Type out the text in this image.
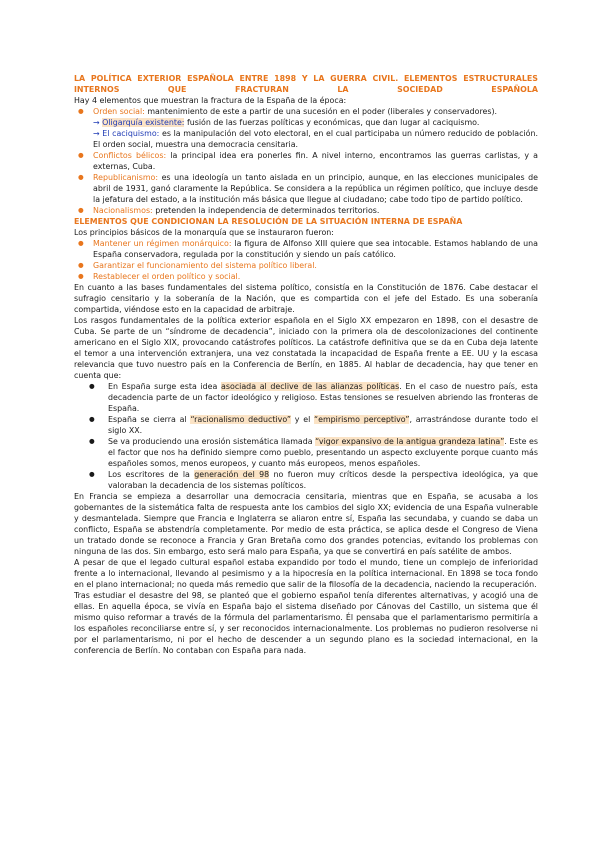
LA POLÍTICA EXTERIOR ESPAÑOLA ENTRE 1898 Y LA GUERRA CIVIL. ELEMENTOS ESTRUCTURALES INTERNOS QUE FRACTURAN LA SOCIEDAD ESPAÑOLA

Hay 4 elementos que muestran la fractura de la España de la época:

● Orden social: mantenimiento de este a partir de una sucesión en el poder (liberales y conservadores).
→ Oligarquía existente: fusión de las fuerzas políticas y económicas, que dan lugar al caciquismo.
→ El caciquismo: es la manipulación del voto electoral, en el cual participaba un número reducido de población. El orden social, muestra una democracia censitaria.
● Conflictos bélicos: la principal idea era ponerles fin. A nivel interno, encontramos las guerras carlistas, y a externas, Cuba.
● Republicanismo: es una ideología un tanto aislada en un principio, aunque, en las elecciones municipales de abril de 1931, ganó claramente la República. Se considera a la república un régimen político, que incluye desde la jefatura del estado, a la institución más básica que llegue al ciudadano; cabe todo tipo de partido político.
● Nacionalismos: pretenden la independencia de determinados territorios.
ELEMENTOS QUE CONDICIONAN LA RESOLUCIÓN DE LA SITUACIÓN INTERNA DE ESPAÑA

Los principios básicos de la monarquía que se instauraron fueron:

● Mantener un régimen monárquico: la figura de Alfonso XIII quiere que sea intocable. Estamos hablando de una España conservadora, regulada por la constitución y siendo un país católico.
● Garantizar el funcionamiento del sistema político liberal.
● Restablecer el orden político y social.

En cuanto a las bases fundamentales del sistema político, consistía en la Constitución de 1876. Cabe destacar el sufragio censitario y la soberanía de la Nación, que es compartida con el jefe del Estado. Es una soberanía compartida, viéndose esto en la capacidad de arbitraje.

Los rasgos fundamentales de la política exterior española en el Siglo XX empezaron en 1898, con el desastre de Cuba. Se parte de un “síndrome de decadencia”, iniciado con la primera ola de descolonizaciones del continente americano en el Siglo XIX, provocando catástrofes políticos. La catástrofe definitiva que se da en Cuba deja latente el temor a una intervención extranjera, una vez constatada la incapacidad de España frente a EE. UU y la escasa relevancia que tuvo nuestro país en la Conferencia de Berlín, en 1885. Al hablar de decadencia, hay que tener en cuenta que:

● En España surge esta idea asociada al declive de las alianzas políticas. En el caso de nuestro país, esta decadencia parte de un factor ideológico y religioso. Estas tensiones se resuelven abriendo las fronteras de España.
● España se cierra al “racionalismo deductivo” y el “empirismo perceptivo”, arrastrándose durante todo el siglo XX.
● Se va produciendo una erosión sistemática llamada “vigor expansivo de la antigua grandeza latina”. Este es el factor que nos ha definido siempre como pueblo, presentando un aspecto excluyente porque cuanto más españoles somos, menos europeos, y cuanto más europeos, menos españoles.
● Los escritores de la generación del 98 no fueron muy críticos desde la perspectiva ideológica, ya que valoraban la decadencia de los sistemas políticos.

En Francia se empieza a desarrollar una democracia censitaria, mientras que en España, se acusaba a los gobernantes de la sistemática falta de respuesta ante los cambios del siglo XX; evidencia de una España vulnerable y desmantelada. Siempre que Francia e Inglaterra se aliaron entre sí, España las secundaba, y cuando se daba un conflicto, España se abstendría completamente. Por medio de esta práctica, se aplica desde el Congreso de Viena un tratado donde se reconoce a Francia y Gran Bretaña como dos grandes potencias, evitando los problemas con ninguna de las dos. Sin embargo, esto será malo para España, ya que se convertirá en país satélite de ambos.

A pesar de que el legado cultural español estaba expandido por todo el mundo, tiene un complejo de inferioridad frente a lo internacional, llevando al pesimismo y a la hipocresía en la política internacional. En 1898 se toca fondo en el plano internacional; no queda más remedio que salir de la filosofía de la decadencia, naciendo la recuperación.

Tras estudiar el desastre del 98, se planteó que el gobierno español tenía diferentes alternativas, y acogió una de ellas. En aquella época, se vivía en España bajo el sistema diseñado por Cánovas del Castillo, un sistema que él mismo quiso reformar a través de la fórmula del parlamentarismo. Él pensaba que el parlamentarismo permitiría a los españoles reconciliarse entre sí, y ser reconocidos internacionalmente. Los problemas no pudieron resolverse ni por el parlamentarismo, ni por el hecho de descender a un segundo plano es la sociedad internacional, en la conferencia de Berlín. No contaban con España para nada.
